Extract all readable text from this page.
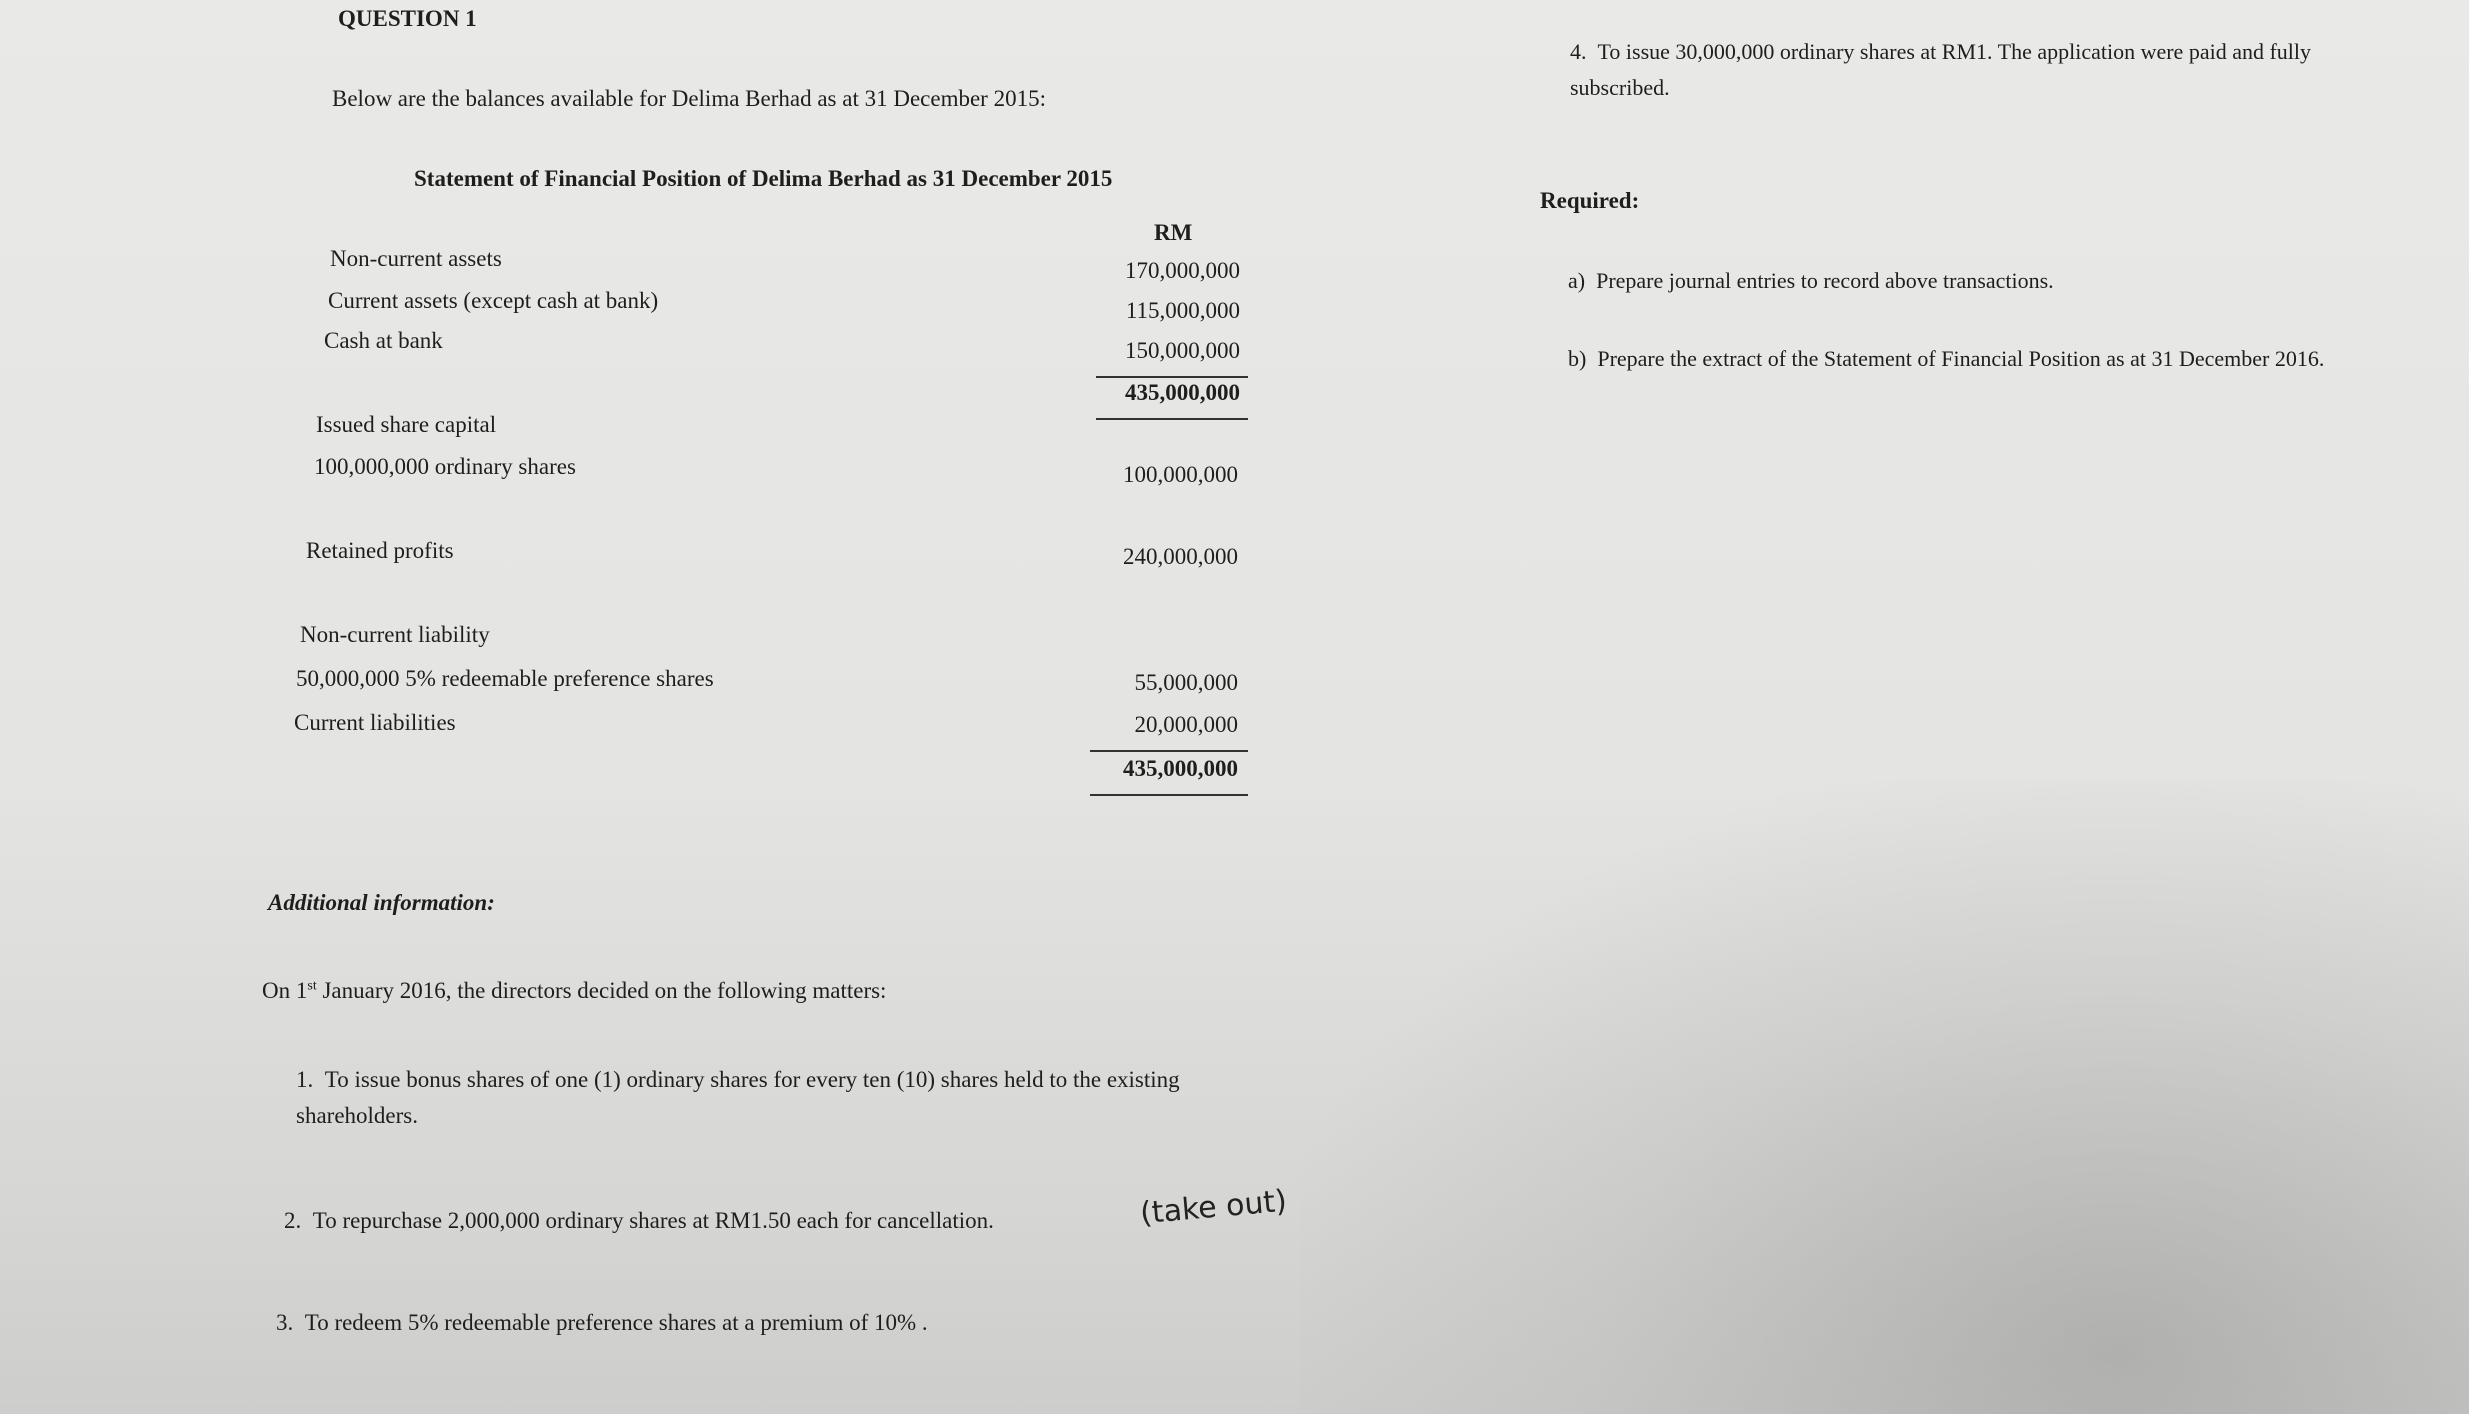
QUESTION 1
Below are the balances available for Delima Berhad as at 31 December 2015:
Statement of Financial Position of Delima Berhad as 31 December 2015
RM
Non-current assets	170,000,000
Current assets (except cash at bank)	115,000,000
Cash at bank	150,000,000
435,000,000
Issued share capital
100,000,000 ordinary shares	100,000,000
Retained profits	240,000,000
Non-current liability
50,000,000 5% redeemable preference shares	55,000,000
Current liabilities	20,000,000
435,000,000
Additional information:
On 1st January 2016, the directors decided on the following matters:
1. To issue bonus shares of one (1) ordinary shares for every ten (10) shares held to the existing shareholders.
2. To repurchase 2,000,000 ordinary shares at RM1.50 each for cancellation.	(take out)
3. To redeem 5% redeemable preference shares at a premium of 10% .
4. To issue 30,000,000 ordinary shares at RM1. The application were paid and fully subscribed.
Required:
a) Prepare journal entries to record above transactions.
b) Prepare the extract of the Statement of Financial Position as at 31 December 2016.
